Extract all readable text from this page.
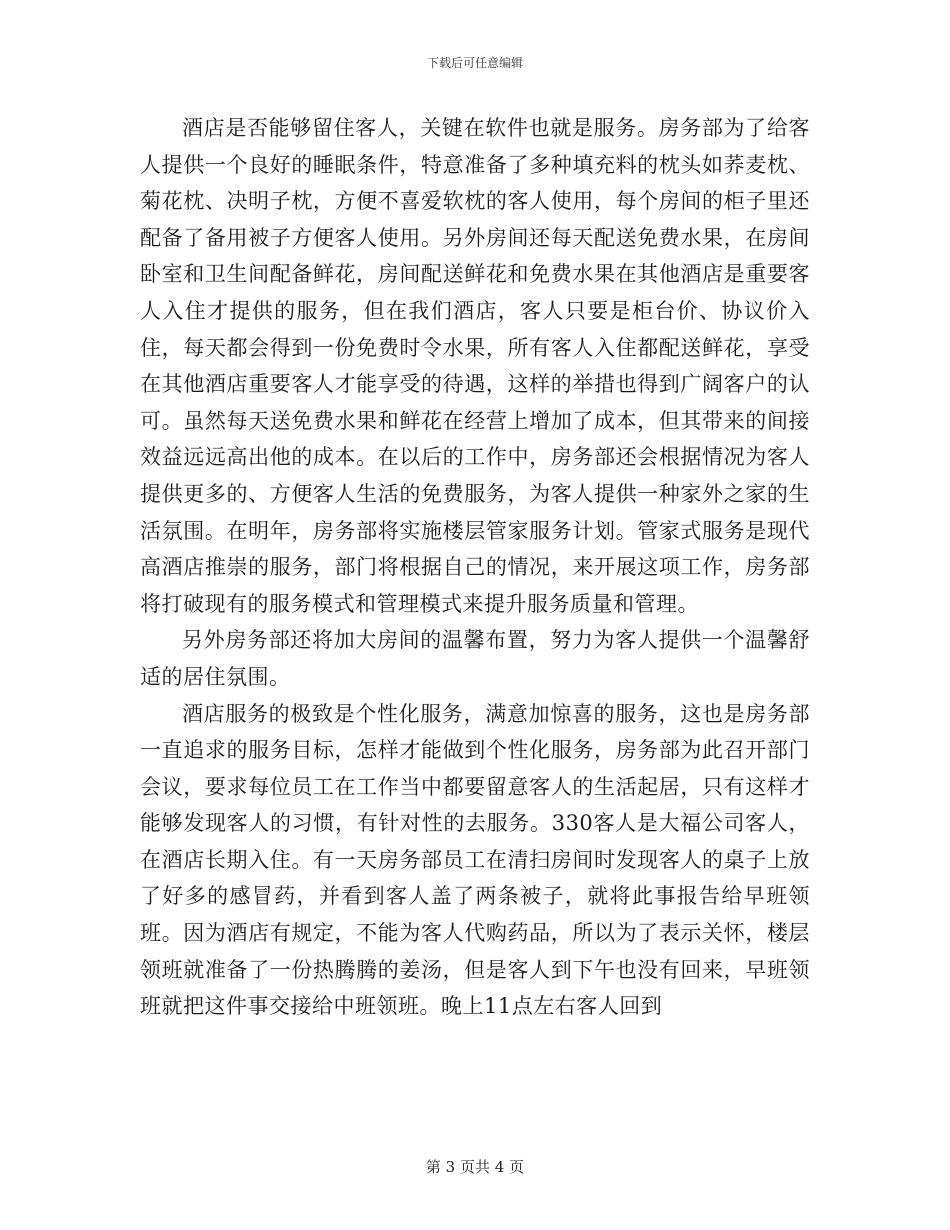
下载后可任意编辑

酒店是否能够留住客人，关键在软件也就是服务。房务部为了给客人提供一个良好的睡眠条件，特意准备了多种填充料的枕头如荞麦枕、菊花枕、决明子枕，方便不喜爱软枕的客人使用，每个房间的柜子里还配备了备用被子方便客人使用。另外房间还每天配送免费水果，在房间卧室和卫生间配备鲜花，房间配送鲜花和免费水果在其他酒店是重要客人入住才提供的服务，但在我们酒店，客人只要是柜台价、协议价入住，每天都会得到一份免费时令水果，所有客人入住都配送鲜花，享受在其他酒店重要客人才能享受的待遇，这样的举措也得到广阔客户的认可。虽然每天送免费水果和鲜花在经营上增加了成本，但其带来的间接效益远远高出他的成本。在以后的工作中，房务部还会根据情况为客人提供更多的、方便客人生活的免费服务，为客人提供一种家外之家的生活氛围。在明年，房务部将实施楼层管家服务计划。管家式服务是现代高酒店推崇的服务，部门将根据自己的情况，来开展这项工作，房务部将打破现有的服务模式和管理模式来提升服务质量和管理。

另外房务部还将加大房间的温馨布置，努力为客人提供一个温馨舒适的居住氛围。

酒店服务的极致是个性化服务，满意加惊喜的服务，这也是房务部一直追求的服务目标，怎样才能做到个性化服务，房务部为此召开部门会议，要求每位员工在工作当中都要留意客人的生活起居，只有这样才能够发现客人的习惯，有针对性的去服务。330客人是大福公司客人，在酒店长期入住。有一天房务部员工在清扫房间时发现客人的桌子上放了好多的感冒药，并看到客人盖了两条被子，就将此事报告给早班领班。因为酒店有规定，不能为客人代购药品，所以为了表示关怀，楼层领班就准备了一份热腾腾的姜汤，但是客人到下午也没有回来，早班领班就把这件事交接给中班领班。晚上11点左右客人回到

第 3 页共 4 页
